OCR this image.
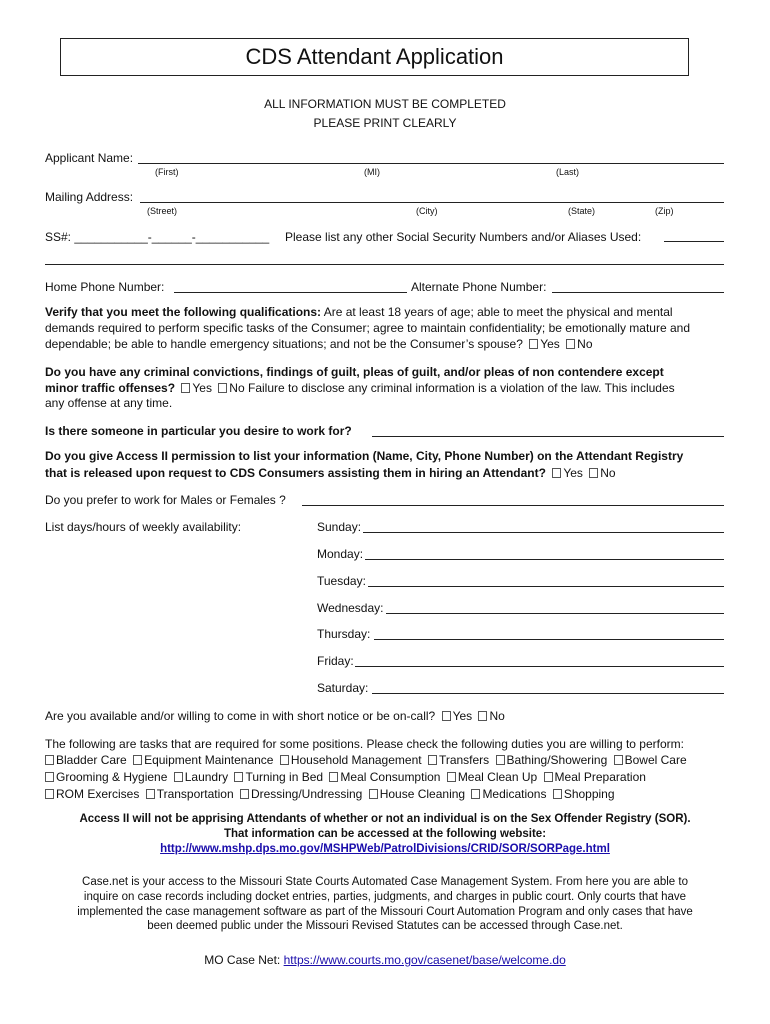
CDS Attendant Application
ALL INFORMATION MUST BE COMPLETED
PLEASE PRINT CLEARLY
Applicant Name:
(First)	(MI)	(Last)
Mailing Address:
(Street)	(City)	(State)	(Zip)
SS#: ___________-______-___________ Please list any other Social Security Numbers and/or Aliases Used:
Home Phone Number:	Alternate Phone Number:
Verify that you meet the following qualifications: Are at least 18 years of age; able to meet the physical and mental
demands required to perform specific tasks of the Consumer; agree to maintain confidentiality; be emotionally mature and
dependable; be able to handle emergency situations; and not be the Consumer’s spouse? Yes No
Do you have any criminal convictions, findings of guilt, pleas of guilt, and/or pleas of non contendere except
minor traffic offenses? Yes No Failure to disclose any criminal information is a violation of the law. This includes
any offense at any time.
Is there someone in particular you desire to work for?
Do you give Access II permission to list your information (Name, City, Phone Number) on the Attendant Registry
that is released upon request to CDS Consumers assisting them in hiring an Attendant? Yes No
Do you prefer to work for Males or Females ?
List days/hours of weekly availability:	Sunday:
Monday:
Tuesday:
Wednesday:
Thursday:
Friday:
Saturday:
Are you available and/or willing to come in with short notice or be on-call? Yes No
The following are tasks that are required for some positions. Please check the following duties you are willing to perform:
Bladder Care Equipment Maintenance Household Management Transfers Bathing/Showering Bowel Care
Grooming & Hygiene Laundry Turning in Bed Meal Consumption Meal Clean Up Meal Preparation
ROM Exercises Transportation Dressing/Undressing House Cleaning Medications Shopping
Access II will not be apprising Attendants of whether or not an individual is on the Sex Offender Registry (SOR).
That information can be accessed at the following website:
http://www.mshp.dps.mo.gov/MSHPWeb/PatrolDivisions/CRID/SOR/SORPage.html
Case.net is your access to the Missouri State Courts Automated Case Management System. From here you are able to
inquire on case records including docket entries, parties, judgments, and charges in public court. Only courts that have
implemented the case management software as part of the Missouri Court Automation Program and only cases that have
been deemed public under the Missouri Revised Statutes can be accessed through Case.net.
MO Case Net: https://www.courts.mo.gov/casenet/base/welcome.do
